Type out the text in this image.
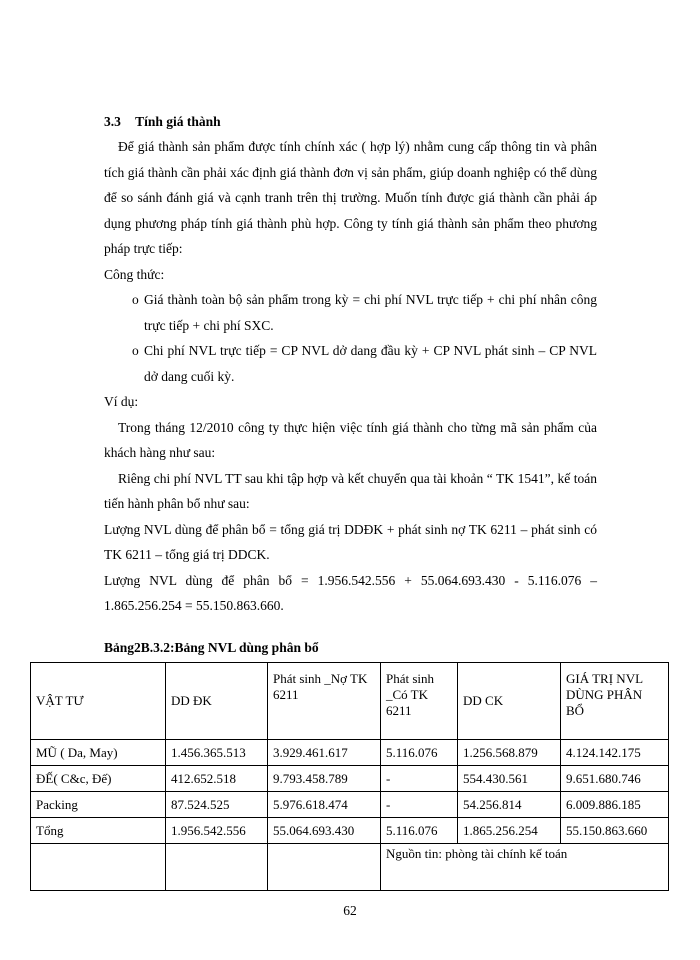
3.3 Tính giá thành

Để giá thành sản phẩm được tính chính xác ( hợp lý) nhằm cung cấp thông tin và phân tích giá thành cần phải xác định giá thành đơn vị sản phẩm, giúp doanh nghiệp có thể dùng để so sánh đánh giá và cạnh tranh trên thị trường. Muốn tính được giá thành cần phải áp dụng phương pháp tính giá thành phù hợp. Công ty tính giá thành sản phẩm theo phương pháp trực tiếp:

Công thức:

o Giá thành toàn bộ sản phẩm trong kỳ = chi phí NVL trực tiếp + chi phí nhân công trực tiếp + chi phí SXC.

o Chi phí NVL trực tiếp = CP NVL dở dang đầu kỳ + CP NVL phát sinh – CP NVL dở dang cuối kỳ.

Ví dụ:

Trong tháng 12/2010 công ty thực hiện việc tính giá thành cho từng mã sản phẩm của khách hàng như sau:

Riêng chi phí NVL TT sau khi tập hợp và kết chuyển qua tài khoản “ TK 1541”, kế toán tiến hành phân bổ như sau:

Lượng NVL dùng để phân bổ = tổng giá trị DDĐK + phát sinh nợ TK 6211 – phát sinh có TK 6211 – tổng giá trị DDCK.

Lượng NVL dùng để phân bổ = 1.956.542.556 + 55.064.693.430 - 5.116.076 – 1.865.256.254 = 55.150.863.660.

Bảng2B.3.2:Bảng NVL dùng phân bổ
VẬT TƯ	DD ĐK	Phát sinh _Nợ TK 6211	Phát sinh _Có TK 6211	DD CK	GIÁ TRỊ NVL DÙNG PHÂN BỔ
MŨ ( Da, May)	1.456.365.513	3.929.461.617	5.116.076	1.256.568.879	4.124.142.175
ĐẾ( C&c, Đế)	412.652.518	9.793.458.789	-	554.430.561	9.651.680.746
Packing	87.524.525	5.976.618.474	-	54.256.814	6.009.886.185
Tổng	1.956.542.556	55.064.693.430	5.116.076	1.865.256.254	55.150.863.660
			Nguồn tin: phòng tài chính kế toán		
62
